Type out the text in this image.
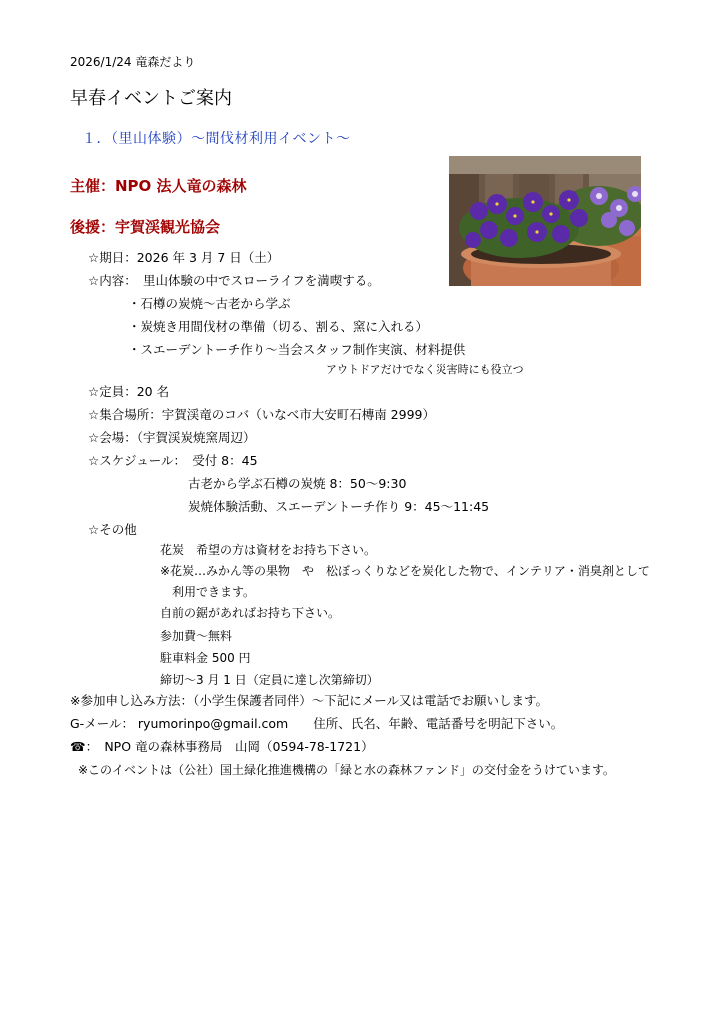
2026/1/24 竜森だより
早春イベントご案内
１．（里山体験）～間伐材利用イベント～
主催：NPO 法人竜の森林
後援：宇賀渓観光協会
☆期日：2026 年 3 月 7 日（土）
☆内容：　里山体験の中でスローライフを満喫する。
・石樽の炭焼～古老から学ぶ
・炭焼き用間伐材の準備（切る、割る、窯に入れる）
・スエーデントーチ作り～当会スタッフ制作実演、材料提供
アウトドアだけでなく災害時にも役立つ
☆定員：20 名
☆集合場所：宇賀渓竜のコバ（いなべ市大安町石槫南 2999）
☆会場：（宇賀渓炭焼窯周辺）
☆スケジュール：　受付 8：45
古老から学ぶ石樽の炭焼 8：50～9:30
炭焼体験活動、スエーデントーチ作り 9：45～11:45
☆その他
花炭　希望の方は資材をお持ち下さい。
※花炭…みかん等の果物　や　松ぼっくりなどを炭化した物で、インテリア・消臭剤として
利用できます。
自前の鋸があればお持ち下さい。
参加費～無料
駐車料金 500 円
締切～3 月 1 日（定員に達し次第締切）
※参加申し込み方法：（小学生保護者同伴）～下記にメール又は電話でお願いします。
G-メール： ryumorinpo@gmail.com　　住所、氏名、年齢、電話番号を明記下さい。
☎：　NPO 竜の森林事務局　山岡（0594-78-1721）
※このイベントは（公社）国土緑化推進機構の「緑と水の森林ファンド」の交付金をうけています。
